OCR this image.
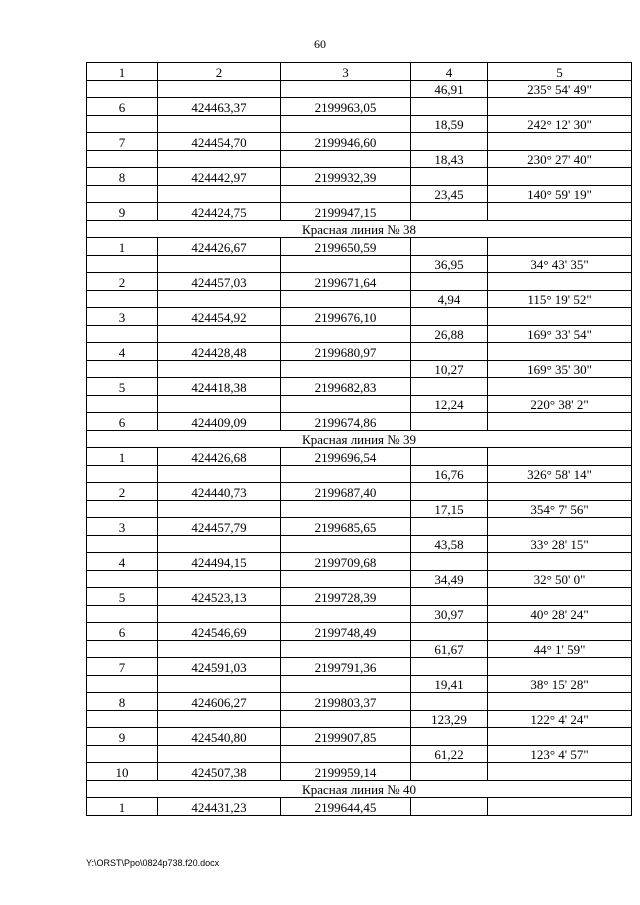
60
1	2	3	4	5
			46,91	235° 54' 49"
6	424463,37	2199963,05		
			18,59	242° 12' 30"
7	424454,70	2199946,60		
			18,43	230° 27' 40"
8	424442,97	2199932,39		
			23,45	140° 59' 19"
9	424424,75	2199947,15		
Красная линия № 38				
1	424426,67	2199650,59		
			36,95	34° 43' 35"
2	424457,03	2199671,64		
			4,94	115° 19' 52"
3	424454,92	2199676,10		
			26,88	169° 33' 54"
4	424428,48	2199680,97		
			10,27	169° 35' 30"
5	424418,38	2199682,83		
			12,24	220° 38' 2"
6	424409,09	2199674,86		
Красная линия № 39				
1	424426,68	2199696,54		
			16,76	326° 58' 14"
2	424440,73	2199687,40		
			17,15	354° 7' 56"
3	424457,79	2199685,65		
			43,58	33° 28' 15"
4	424494,15	2199709,68		
			34,49	32° 50' 0"
5	424523,13	2199728,39		
			30,97	40° 28' 24"
6	424546,69	2199748,49		
			61,67	44° 1' 59"
7	424591,03	2199791,36		
			19,41	38° 15' 28"
8	424606,27	2199803,37		
			123,29	122° 4' 24"
9	424540,80	2199907,85		
			61,22	123° 4' 57"
10	424507,38	2199959,14		
Красная линия № 40				
1	424431,23	2199644,45		
Y:\ORST\Ppo\0824p738.f20.docx
